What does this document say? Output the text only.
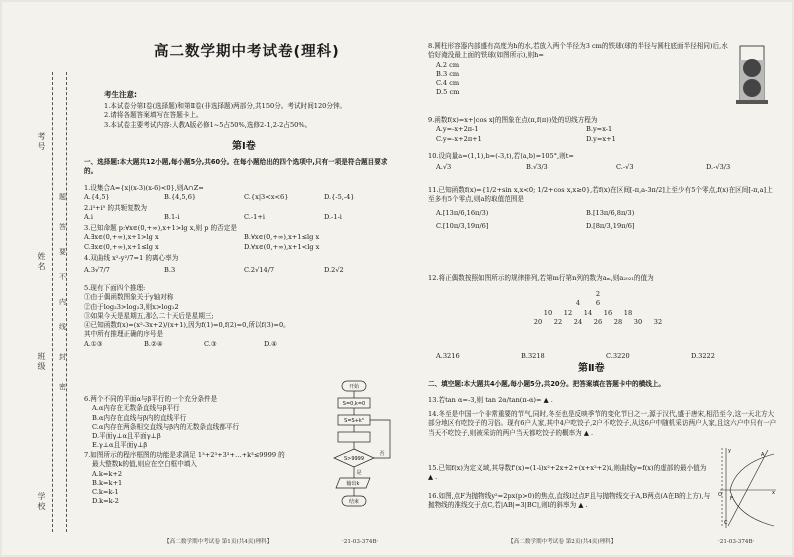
考号
姓名
班级
学校
题
答
要
不
内
线
封
密
高二数学期中考试卷(理科)
考生注意:
1.本试卷分第Ⅰ卷(选择题)和第Ⅱ卷(非选择题)两部分,共150分。考试时间120分钟。
2.请将各题答案填写在答题卡上。
3.本试卷主要考试内容:人教A版必修1~5占50%,选修2-1,2-2占50%。
第Ⅰ卷
一、选择题:本大题共12小题,每小题5分,共60分。在每小题给出的四个选项中,只有一项是符合题目要求的。
1.设集合A={x|(x-3)(x-6)<0},则A∩Z=
A.{4,5}	B.{4,5,6}	C.{x|3<x<6}	D.{-5,-4}
2.i³+i⁵ 的共轭复数为
A.i	B.1-i	C.-1+i	D.-1-i
3.已知命题 p:∀x∈(0,+∞),x+1>lg x,则 p 的否定是
A.∃x∈(0,+∞),x+1>lg x	B.∀x∈(0,+∞),x+1≤lg x
C.∃x∈(0,+∞),x+1≤lg x	D.∀x∈(0,+∞),x+1<lg x
4.双曲线 x²-y²/7=1 的离心率为
A.3√7/7	B.3	C.2√14/7	D.2√2
5.现有下面四个推理:
①由于偶函数图象关于y轴对称
②由于log₂3>log₂3,则x>log₂2
③如果今天是星期五,那么二十天后是星期三;
④已知函数f(x)=(x²-3x+2)/(x+1),因为f(1)=0,f(2)=0,所以f(3)=0。
其中所有推理正确的序号是
A.①③	B.②④	C.③	D.④
6.两个不同的平面α与β平行的一个充分条件是
A.α内存在无数条直线与β平行
B.α内存在直线与β内的直线平行
C.α内存在两条相交直线与β内的无数条直线都平行
D.平面γ⊥α且平面γ⊥β
E.γ⊥α且平面γ⊥β
7.如图所示的程序框图的功能是求满足 1³+2³+3³+…+k³≤9999 的
最大整数k的值,则应在空白框中填入
A.k=k+2
B.k=k+1
C.k=k-1
D.k=k-2
开始
S=0,k=0
S=S+k³
S>9999
输出k
结束
否
是
【高二数学期中考试卷 第1页(共4页)理科】	·21-03-374B·
8.圆柱形容器内部盛有高度为h的水,若放入两个半径为3 cm的铁球(球的半径与圆柱底面半径相同)后,水恰好淹没最上面的铁球(如图所示),则h=
A.2 cm
B.3 cm
C.4 cm
D.5 cm
9.函数f(x)=x+|cos x|的图象在点(π,f(π))处的切线方程为
A.y=-x+2π-1	B.y=x-1
C.y=-x+2π+1	D.y=x+1
10.设向量a=(1,1),b=(-3,t),若⟨a,b⟩=105°,则t=
A.√3	B.√3/3	C.-√3	D.-√3/3
11.已知函数f(x)={1/2+sin x,x<0; 1/2+cos x,x≥0},若f(x)在区间[-π,a-3π/2]上至少有5个零点,f(x)在区间[-π,a]上至多有5个零点,则a的取值范围是
A.[13π/6,16π/3)	B.[13π/6,8π/3)
C.[10π/3,19π/6]	D.[8π/3,19π/6]
12.将正偶数按照如图所示的规律排列,若第m行第n列的数为aₘ,则a₂₀₂₁的值为
2
4	6
10	12	14	16	18
20	22	24	26	28	30	32
A.3216	B.3218	C.3220	D.3222
第Ⅱ卷
二、填空题:本大题共4小题,每小题5分,共20分。把答案填在答题卡中的横线上。
13.若tan α=-3,则 tan 2α/tan(π-α)= ▲ .
14.冬至是中国一个非常重要的节气,同时,冬至也是反映季节的变化节日之一,源于汉代,盛于唐宋,相沿至今,这一天北方大部分地区有吃饺子的习俗。现有6户人家,其中4户吃饺子,2户不吃饺子,从这6户中随机采访两户人家,且这六户中只有一户当天不吃饺子,则被采访的两户当天都吃饺子的概率为 ▲ .
15.已知f(x)为定义域,其导数f'(x)=(1-i)x²+2x+2+(x+x²+2)i,则曲线y=f(x)的虚部的最小值为 ▲ .
16.如图,点F为抛物线y²=2px(p>0)的焦点,直线l过点F且与抛物线交于A,B两点(A在B的上方),与抛物线的准线交于点C,若|AB|=3|BC|,则l的斜率为 ▲ .
A
F
O
C
x
y
【高二数学期中考试卷 第2页(共4页)理科】	·21-03-374B·
